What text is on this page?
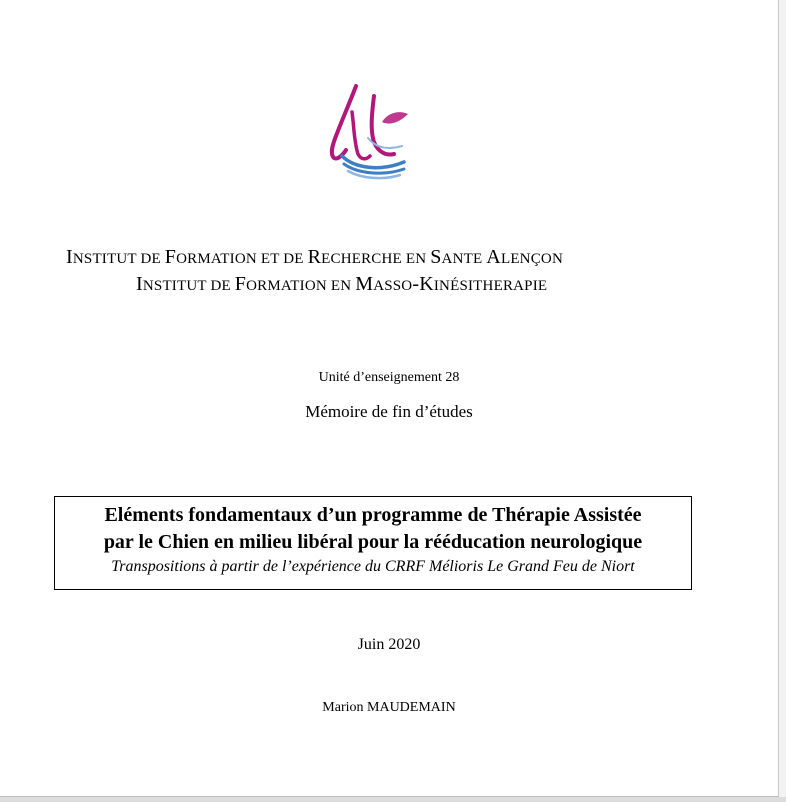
INSTITUT DE FORMATION ET DE RECHERCHE EN SANTE ALENÇON
INSTITUT DE FORMATION EN MASSO-KINÉSITHERAPIE
Unité d’enseignement 28
Mémoire de fin d’études
Eléments fondamentaux d’un programme de Thérapie Assistée
par le Chien en milieu libéral pour la rééducation neurologique
Transpositions à partir de l’expérience du CRRF Mélioris Le Grand Feu de Niort
Juin 2020
Marion MAUDEMAIN
